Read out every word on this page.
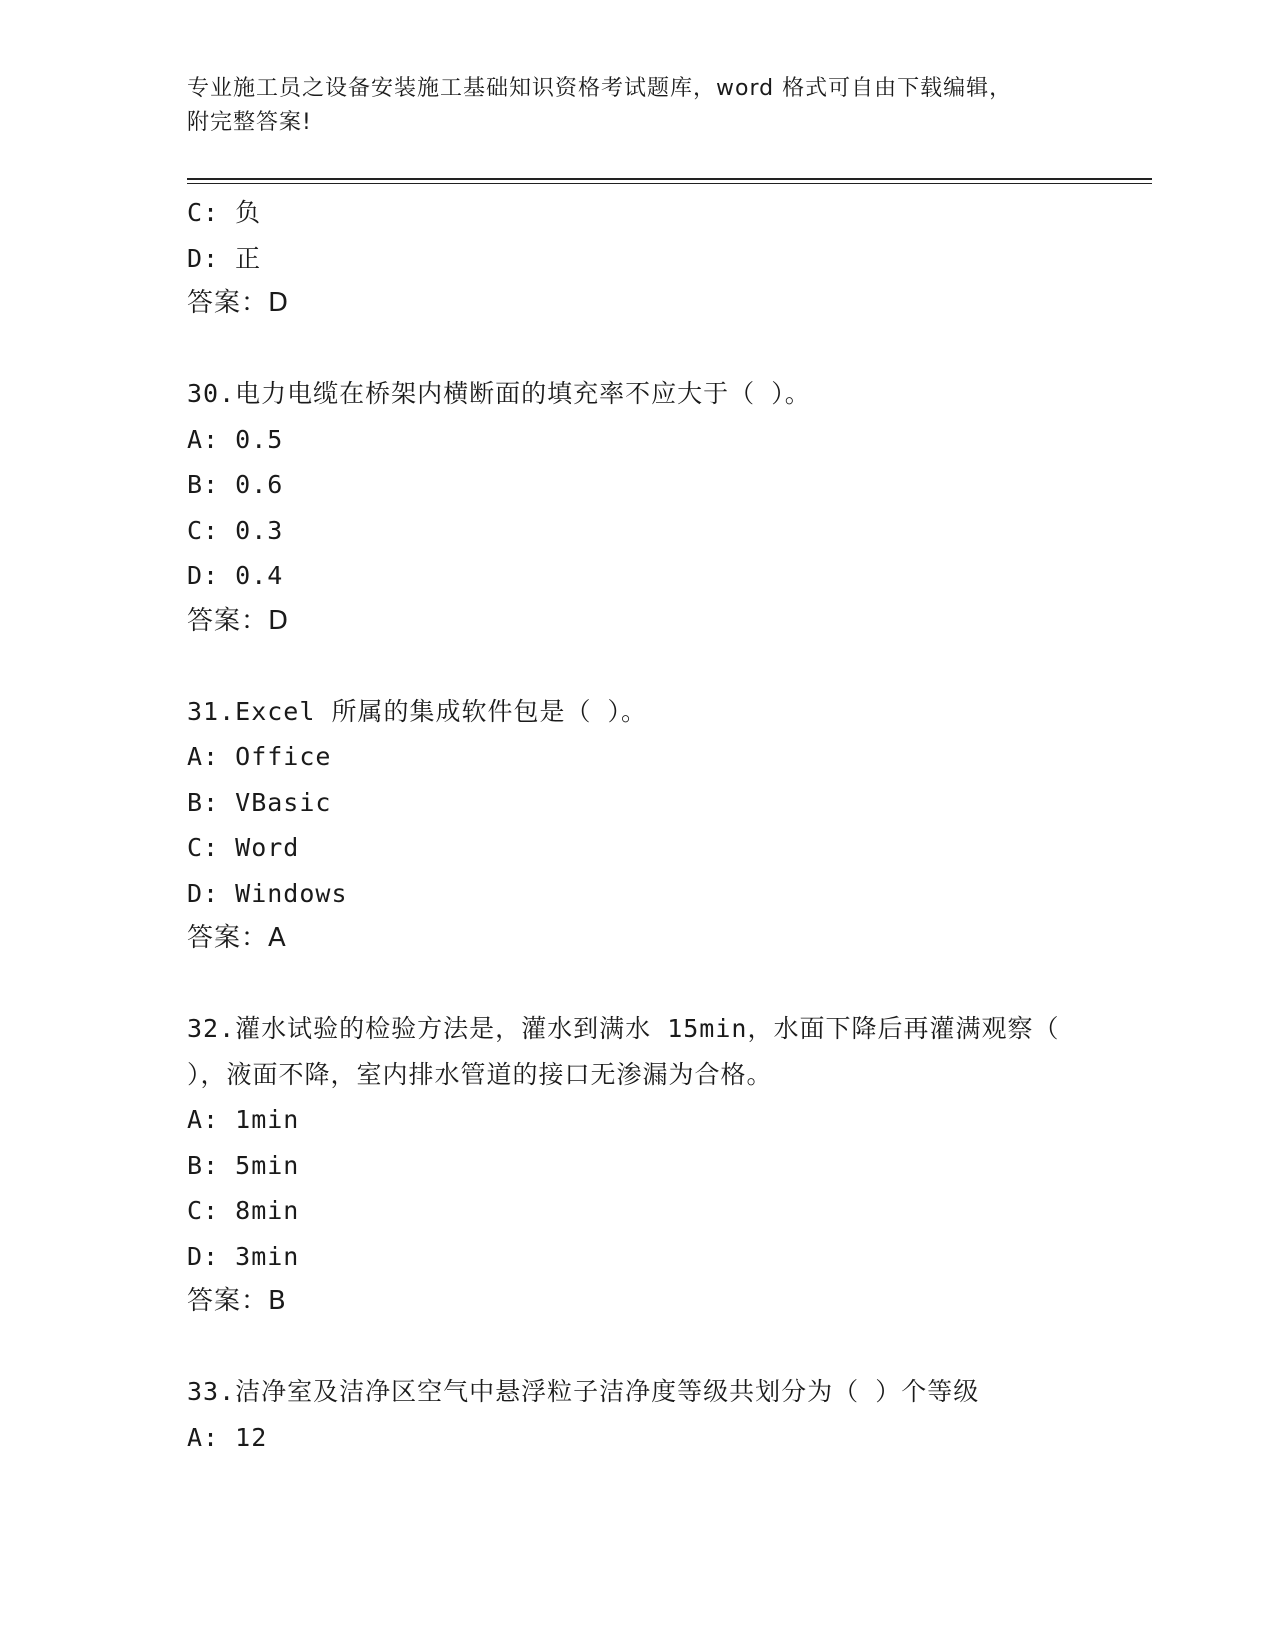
专业施工员之设备安装施工基础知识资格考试题库，word 格式可自由下载编辑，
附完整答案!
C: 负
D: 正
答案：D
30.电力电缆在桥架内横断面的填充率不应大于（ ）。
A: 0.5
B: 0.6
C: 0.3
D: 0.4
答案：D
31.Excel 所属的集成软件包是（ ）。
A: Office
B: VBasic
C: Word
D: Windows
答案：A
32.灌水试验的检验方法是，灌水到满水 15min，水面下降后再灌满观察（ ），液面不降，室内排水管道的接口无渗漏为合格。
A: 1min
B: 5min
C: 8min
D: 3min
答案：B
33.洁净室及洁净区空气中悬浮粒子洁净度等级共划分为（ ）个等级
A: 12
